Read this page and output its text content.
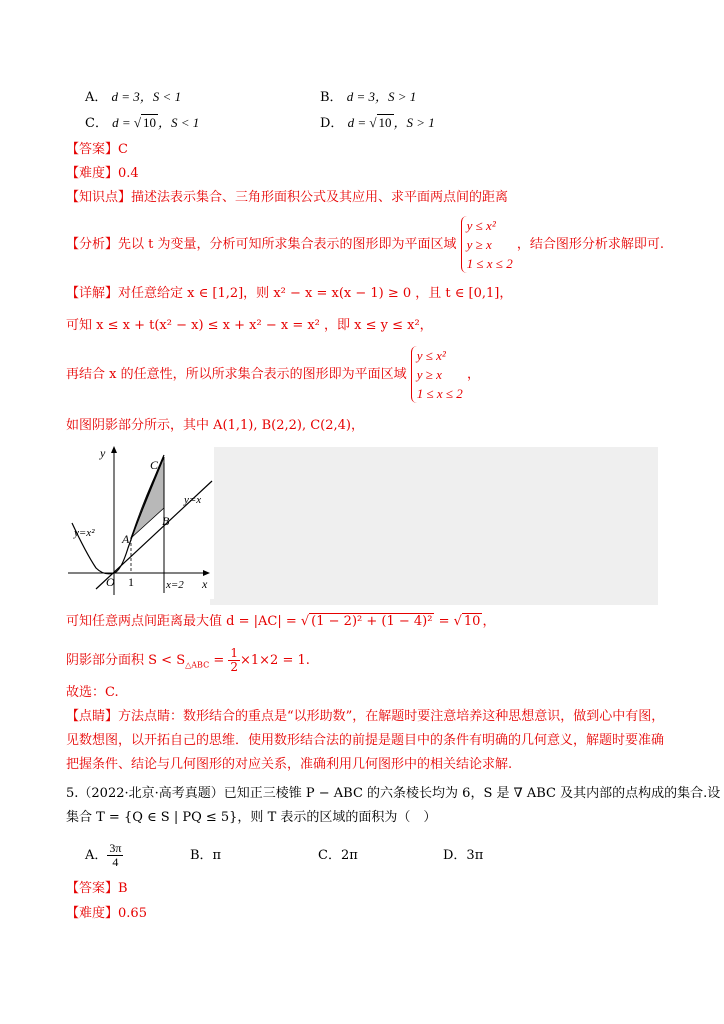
A． d = 3，S < 1	B． d = 3，S > 1
C． d = √ 10 ，S < 1	D． d = √ 10 ，S > 1
【答案】C
【难度】0.4
【知识点】描述法表示集合、三角形面积公式及其应用、求平面两点间的距离
【分析】先以 t 为变量，分析可知所求集合表示的图形即为平面区域
y ≤ x²
y ≥ x
1 ≤ x ≤ 2
，结合图形分析求解即可.
【详解】对任意给定 x ∈ [1,2]，则 x² − x = x(x − 1) ≥ 0 ，且 t ∈ [0,1]，
可知 x ≤ x + t(x² − x) ≤ x + x² − x = x² ，即 x ≤ y ≤ x²，
再结合 x 的任意性，所以所求集合表示的图形即为平面区域
y ≤ x²
y ≥ x
1 ≤ x ≤ 2
，
如图阴影部分所示，其中 A(1,1), B(2,2), C(2,4)，
y
x
O 1
y=x²
y=x
x=2
A
B
C
可知任意两点间距离最大值 d = |AC| = √ (1 − 2)² + (1 − 4)² = √ 10 ，
阴影部分面积 $S < S_{\triangle ABC} = \frac{1}{2} \times 1\times 2 = 1$.
故选：C.
【点睛】方法点睛：数形结合的重点是“以形助数”，在解题时要注意培养这种思想意识，做到心中有图，
见数想图，以开拓自己的思维．使用数形结合法的前提是题目中的条件有明确的几何意义，解题时要准确
把握条件、结论与几何图形的对应关系，准确利用几何图形中的相关结论求解.
5.（2022·北京·高考真题）已知正三棱锥 P − ABC 的六条棱长均为 6，S 是 ∇ ABC 及其内部的点构成的集合.设
集合 T = {Q ∈ S | PQ ≤ 5}，则 T 表示的区域的面积为（　）
A． $\frac{3\pi}{4}$	B．π	C．2π	D．3π
【答案】B
【难度】0.65
